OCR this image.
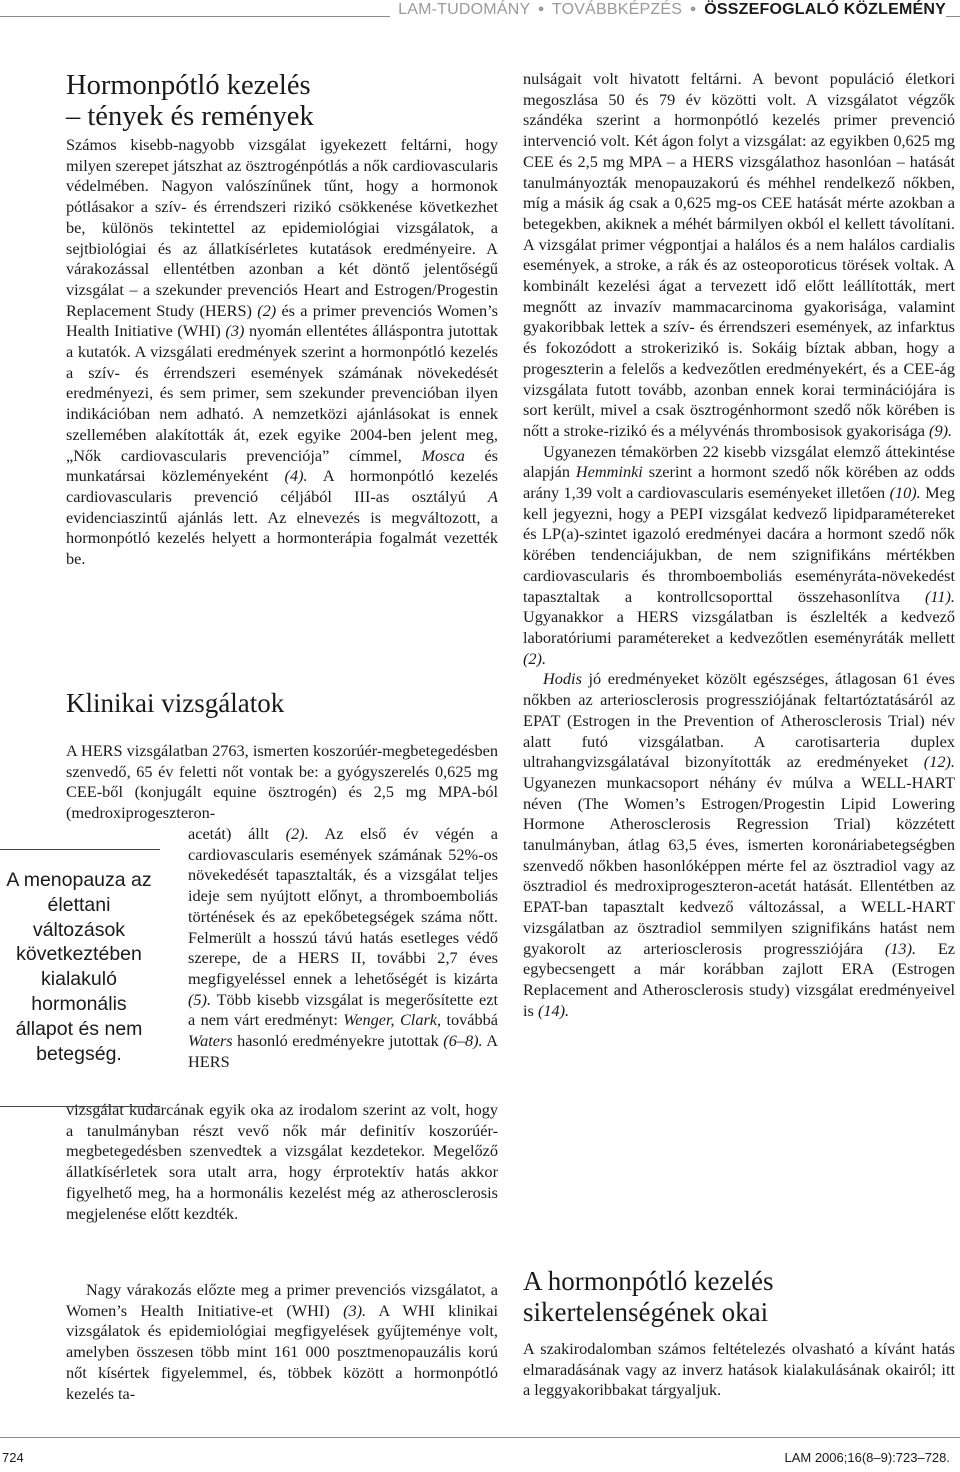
LAM-TUDOMÁNY ● TOVÁBBKÉPZÉS ● ÖSSZEFOGLALÓ KÖZLEMÉNY
Hormonpótló kezelés
– tények és remények

Számos kisebb-nagyobb vizsgálat igyekezett feltárni, hogy milyen szerepet játszhat az ösztrogénpótlás a nők cardiovascularis védelmében. Nagyon valószínűnek tűnt, hogy a hormonok pótlásakor a szív- és érrendszeri rizikó csökkenése következhet be, különös tekintettel az epidemiológiai vizsgálatok, a sejtbiológiai és az állatkísérletes kutatások eredményeire. A várakozással ellentétben azonban a két döntő jelentőségű vizsgálat – a szekunder prevenciós Heart and Estrogen/Progestin Replacement Study (HERS) (2) és a primer prevenciós Women’s Health Initiative (WHI) (3) nyomán ellentétes álláspontra jutottak a kutatók. A vizsgálati eredmények szerint a hormonpótló kezelés a szív- és érrendszeri események számának növekedését eredményezi, és sem primer, sem szekunder prevencióban ilyen indikációban nem adható. A nemzetközi ajánlásokat is ennek szellemében alakították át, ezek egyike 2004-ben jelent meg, „Nők cardiovascularis prevenciója” címmel, Mosca és munkatársai közleményeként (4). A hormonpótló kezelés cardiovascularis prevenció céljából III-as osztályú A evidenciaszintű ajánlás lett. Az elnevezés is megváltozott, a hormonpótló kezelés helyett a hormonterápia fogalmát vezették be.

Klinikai vizsgálatok

A HERS vizsgálatban 2763, ismerten koszorúér-megbetegedésben szenvedő, 65 év feletti nőt vontak be: a gyógyszerelés 0,625 mg CEE-ből (konjugált equine ösztrogén) és 2,5 mg MPA-ból (medroxiprogeszteron-

acetát) állt (2). Az első év végén a cardiovascularis események számának 52%-os növekedését tapasztalták, és a vizsgálat teljes ideje sem nyújtott előnyt, a thromboemboliás történések és az epekőbetegségek száma nőtt. Felmerült a hosszú távú hatás esetleges védő szerepe, de a HERS II, további 2,7 éves megfigyeléssel ennek a lehetőségét is kizárta (5). Több kisebb vizsgálat is megerősítette ezt a nem várt eredményt: Wenger, Clark, továbbá Waters hasonló eredményekre jutottak (6–8). A HERS

vizsgálat kudarcának egyik oka az irodalom szerint az volt, hogy a tanulmányban részt vevő nők már definitív koszorúér-megbetegedésben szenvedtek a vizsgálat kezdetekor. Megelőző állatkísérletek sora utalt arra, hogy érprotektív hatás akkor figyelhető meg, ha a hormonális kezelést még az atherosclerosis megjelenése előtt kezdték.

Nagy várakozás előzte meg a primer prevenciós vizsgálatot, a Women’s Health Initiative-et (WHI) (3). A WHI klinikai vizsgálatok és epidemiológiai megfigyelések gyűjteménye volt, amelyben összesen több mint 161 000 posztmenopauzális korú nőt kísértek figyelemmel, és, többek között a hormonpótló kezelés ta-

A menopauza az élettani változások következtében kialakuló hormonális állapot és nem betegség.

nulságait volt hivatott feltárni. A bevont populáció életkori megoszlása 50 és 79 év közötti volt. A vizsgálatot végzők szándéka szerint a hormonpótló kezelés primer prevenció intervenció volt. Két ágon folyt a vizsgálat: az egyikben 0,625 mg CEE és 2,5 mg MPA – a HERS vizsgálathoz hasonlóan – hatását tanulmányozták menopauzakorú és méhhel rendelkező nőkben, míg a másik ág csak a 0,625 mg-os CEE hatását mérte azokban a betegekben, akiknek a méhét bármilyen okból el kellett távolítani. A vizsgálat primer végpontjai a halálos és a nem halálos cardialis események, a stroke, a rák és az osteoporoticus törések voltak. A kombinált kezelési ágat a tervezett idő előtt leállították, mert megnőtt az invazív mammacarcinoma gyakorisága, valamint gyakoribbak lettek a szív- és érrendszeri események, az infarktus és fokozódott a strokerizikó is. Sokáig bíztak abban, hogy a progeszterin a felelős a kedvezőtlen eredményekért, és a CEE-ág vizsgálata futott tovább, azonban ennek korai terminációjára is sort került, mivel a csak ösztrogénhormont szedő nők körében is nőtt a stroke-rizikó és a mélyvénás thrombosisok gyakorisága (9).

Ugyanezen témakörben 22 kisebb vizsgálat elemző áttekintése alapján Hemminki szerint a hormont szedő nők körében az odds arány 1,39 volt a cardiovascularis eseményeket illetően (10). Meg kell jegyezni, hogy a PEPI vizsgálat kedvező lipidparamétereket és LP(a)-szintet igazoló eredményei dacára a hormont szedő nők körében tendenciájukban, de nem szignifikáns mértékben cardiovascularis és thromboemboliás eseményráta-növekedést tapasztaltak a kontrollcsoporttal összehasonlítva (11). Ugyanakkor a HERS vizsgálatban is észlelték a kedvező laboratóriumi paramétereket a kedvezőtlen eseményráták mellett (2).

Hodis jó eredményeket közölt egészséges, átlagosan 61 éves nőkben az arteriosclerosis progressziójának feltartóztatásáról az EPAT (Estrogen in the Prevention of Atherosclerosis Trial) név alatt futó vizsgálatban. A carotisarteria duplex ultrahangvizsgálatával bizonyították az eredményeket (12). Ugyanezen munkacsoport néhány év múlva a WELL-HART néven (The Women’s Estrogen/Progestin Lipid Lowering Hormone Atherosclerosis Regression Trial) közzétett tanulmányban, átlag 63,5 éves, ismerten koronáriabetegségben szenvedő nőkben hasonlóképpen mérte fel az ösztradiol vagy az ösztradiol és medroxiprogeszteron-acetát hatását. Ellentétben az EPAT-ban tapasztalt kedvező változással, a WELL-HART vizsgálatban az ösztradiol semmilyen szignifikáns hatást nem gyakorolt az arteriosclerosis progressziójára (13). Ez egybecsengett a már korábban zajlott ERA (Estrogen Replacement and Atherosclerosis study) vizsgálat eredményeivel is (14).

A hormonpótló kezelés
sikertelenségének okai

A szakirodalomban számos feltételezés olvasható a kívánt hatás elmaradásának vagy az inverz hatások kialakulásának okairól; itt a leggyakoribbakat tárgyaljuk.

724	LAM 2006;16(8–9):723–728.
